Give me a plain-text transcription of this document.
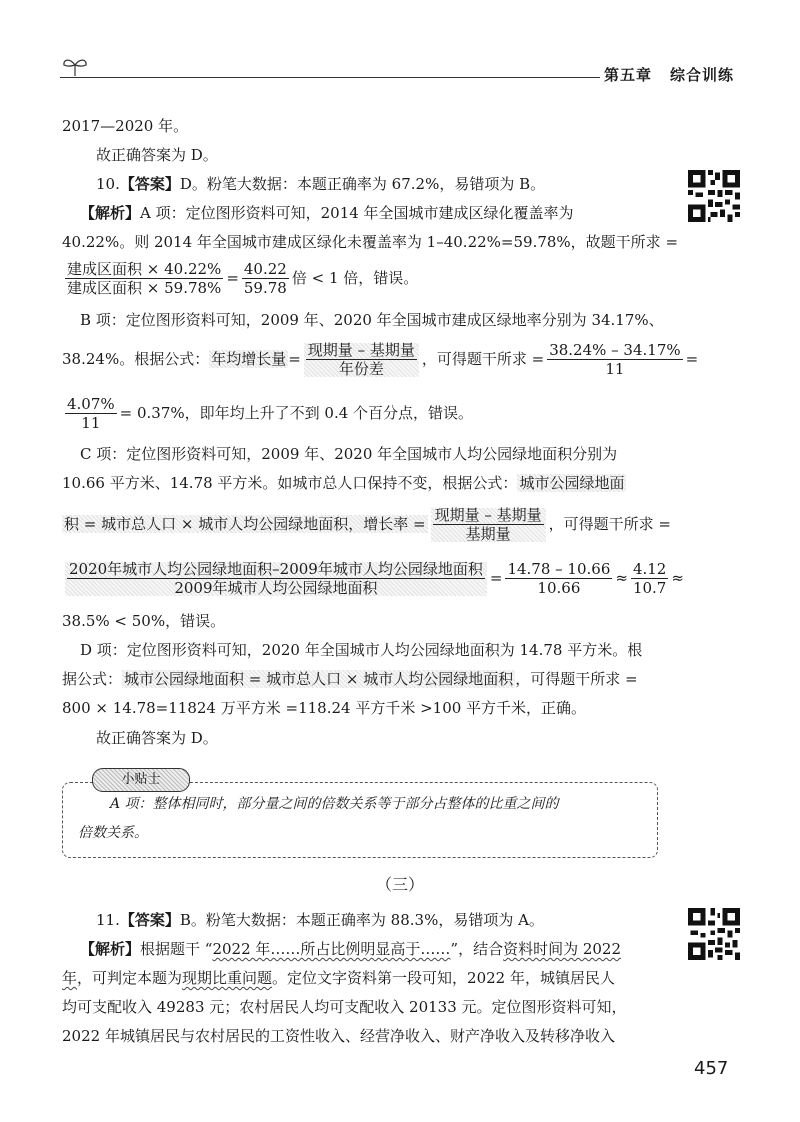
第五章 综合训练
2017—2020 年。
故正确答案为 D。
10.【答案】D。粉笔大数据：本题正确率为 67.2%，易错项为 B。
【解析】A 项：定位图形资料可知，2014 年全国城市建成区绿化覆盖率为
40.22%。则 2014 年全国城市建成区绿化未覆盖率为 1–40.22%=59.78%，故题干所求 =
$\frac{\text{建成区面积 × 40.22\%}}{\text{建成区面积 × 59.78\%}} = \frac{40.22}{59.78}$ 倍 < 1 倍，错误。
B 项：定位图形资料可知，2009 年、2020 年全国城市建成区绿地率分别为 34.17%、
38.24%。根据公式： 年均增长量 = $\frac{\text{现期量 – 基期量}}{\text{年份差}}$ ，可得题干所求 = $\frac{38.24\% - 34.17\%}{11}$ =
$\frac{4.07\%}{11} = 0.37\%$，即年均上升了不到 0.4 个百分点，错误。
C 项：定位图形资料可知，2009 年、2020 年全国城市人均公园绿地面积分别为
10.66 平方米、14.78 平方米。如城市总人口保持不变，根据公式： 城市公园绿地面
积 = 城市总人口 × 城市人均公园绿地面积，增长率 = $\frac{\text{现期量 – 基期量}}{\text{基期量}}$ ，可得题干所求 =
$\frac{\text{2020年城市人均公园绿地面积–2009年城市人均公园绿地面积}}{\text{2009年城市人均公园绿地面积}} = \frac{14.78 - 10.66}{10.66} \approx \frac{4.12}{10.7}$ ≈
38.5% < 50%，错误。
D 项：定位图形资料可知，2020 年全国城市人均公园绿地面积为 14.78 平方米。根
据公式： 城市公园绿地面积 = 城市总人口 × 城市人均公园绿地面积 ，可得题干所求 =
800 × 14.78=11824 万平方米 =118.24 平方千米 >100 平方千米，正确。
故正确答案为 D。
小贴士
A 项：整体相同时，部分量之间的倍数关系等于部分占整体的比重之间的
倍数关系。
（三）
11.【答案】B。粉笔大数据：本题正确率为 88.3%，易错项为 A。
【解析】根据题干 “2022 年……所占比例明显高于……”，结合资料时间为 2022
年，可判定本题为现期比重问题。定位文字资料第一段可知，2022 年，城镇居民人
均可支配收入 49283 元；农村居民人均可支配收入 20133 元。定位图形资料可知，
2022 年城镇居民与农村居民的工资性收入、经营净收入、财产净收入及转移净收入
457
